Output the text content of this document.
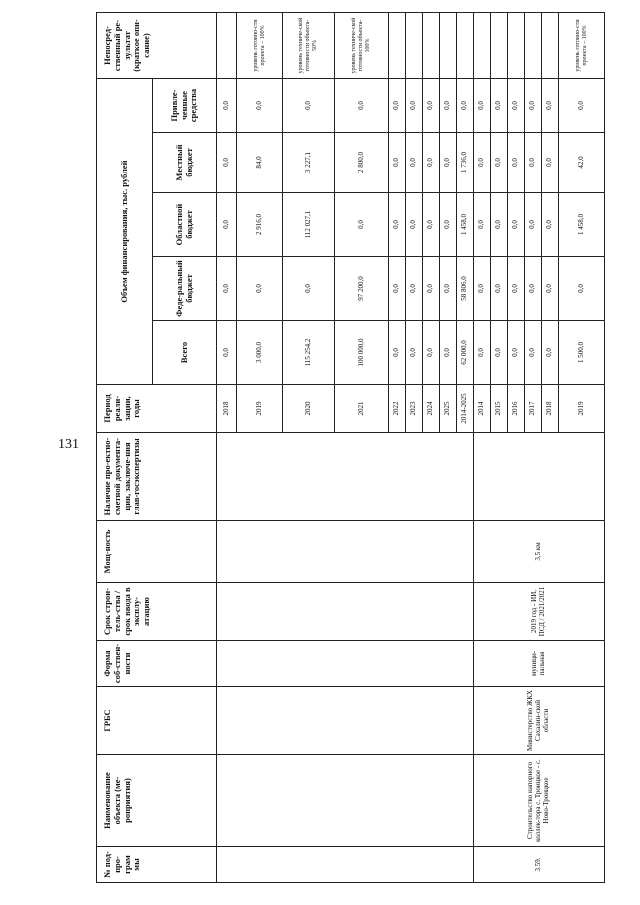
131
№ под-про-грам мы	Наименование объекта (ме-роприятия)	ГРБС	Форма соб-ствен-ности	Срок строи-тель-ства / срок ввода в эксплу-атацию	Мощ-ность	Наличие про-ектно-сметной документа-ции, заключе-ния глав-госэкспертизы	Период реали-зации, годы	Объем финансирования, тыс. рублей					Непосред-ственный ре-зультат (краткое опи-сание)
								Всего	Феде-ральный бюджет	Областной бюджет	Местный бюджет	Привле-ченные средства	
							2018	0,0	0,0	0,0	0,0	0,0	
							2019	3 000,0	0,0	2 916,0	84,0	0,0	уровень готовно-сти проекта – 100%
							2020	115 254,2	0,0	112 027,1	3 227,1	0,0	уровень техниче-ской готовности объекта- 50%
							2021	100 000,0	97 200,0	0,0	2 800,0	0,0	уровень техниче-ской готовности объекта- 100%
							2022	0,0	0,0	0,0	0,0	0,0	
							2023	0,0	0,0	0,0	0,0	0,0	
							2024	0,0	0,0	0,0	0,0	0,0	
							2025	0,0	0,0	0,0	0,0	0,0	
							2014-2025	62 000,0	58 806,0	1 458,0	1 736,0	0,0	
3.59.	Строительство напорного коллек-тора с. Троицкое - с. Ново-Троицкое	Министерство ЖКХ Сахалин-ской области	муници-пальная	2019 год - ИИ, ПСД / 2021/2021	3,5 км		2014	0,0	0,0	0,0	0,0	0,0	
							2015	0,0	0,0	0,0	0,0	0,0	
							2016	0,0	0,0	0,0	0,0	0,0	
							2017	0,0	0,0	0,0	0,0	0,0	
							2018	0,0	0,0	0,0	0,0	0,0	
							2019	1 500,0	0,0	1 458,0	42,0	0,0	уровень готовно-сти проекта – 100%
